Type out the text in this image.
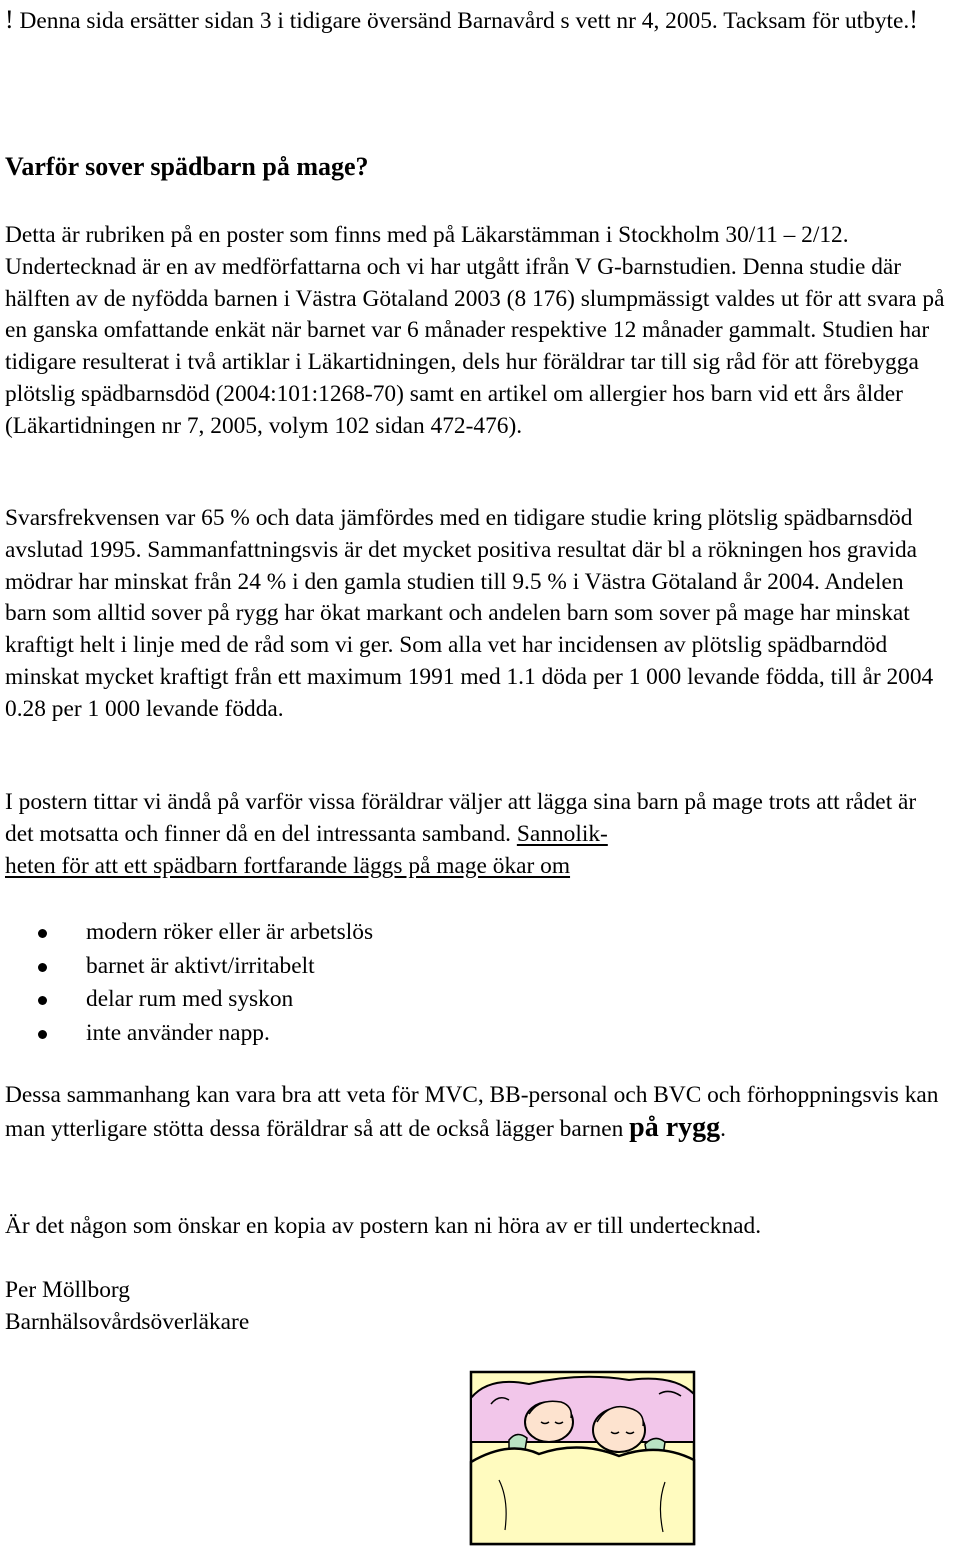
! Denna sida ersätter sidan 3 i tidigare översänd Barnavård s vett nr 4, 2005. Tacksam för utbyte.!

Varför sover spädbarn på mage?

Detta är rubriken på en poster som finns med på Läkarstämman i Stockholm 30/11 – 2/12. Undertecknad är en av medförfattarna och vi har utgått ifrån V G-barnstudien. Denna studie där hälften av de nyfödda barnen i Västra Götaland 2003 (8 176) slumpmässigt valdes ut för att svara på en ganska omfattande enkät när barnet var 6 månader respektive 12 månader gammalt. Studien har tidigare resulterat i två artiklar i Läkartidningen, dels hur föräldrar tar till sig råd för att förebygga plötslig spädbarnsdöd (2004:101:1268-70) samt en artikel om allergier hos barn vid ett års ålder (Läkartidningen nr 7, 2005, volym 102 sidan 472-476).

Svarsfrekvensen var 65 % och data jämfördes med en tidigare studie kring plötslig spädbarnsdöd avslutad 1995. Sammanfattningsvis är det mycket positiva resultat där bl a rökningen hos gravida mödrar har minskat från 24 % i den gamla studien till 9.5 % i Västra Götaland år 2004. Andelen barn som alltid sover på rygg har ökat markant och andelen barn som sover på mage har minskat kraftigt helt i linje med de råd som vi ger. Som alla vet har incidensen av plötslig spädbarndöd minskat mycket kraftigt från ett maximum 1991 med 1.1 döda per 1 000 levande födda, till år 2004 0.28 per 1 000 levande födda.

I postern tittar vi ändå på varför vissa föräldrar väljer att lägga sina barn på mage trots att rådet är det motsatta och finner då en del intressanta samband. Sannolik-
heten för att ett spädbarn fortfarande läggs på mage ökar om

modern röker eller är arbetslös
barnet är aktivt/irritabelt
delar rum med syskon
inte använder napp.

Dessa sammanhang kan vara bra att veta för MVC, BB-personal och BVC och förhoppningsvis kan man ytterligare stötta dessa föräldrar så att de också lägger barnen på rygg.

Är det någon som önskar en kopia av postern kan ni höra av er till undertecknad.

Per Möllborg
Barnhälsovårdsöverläkare
